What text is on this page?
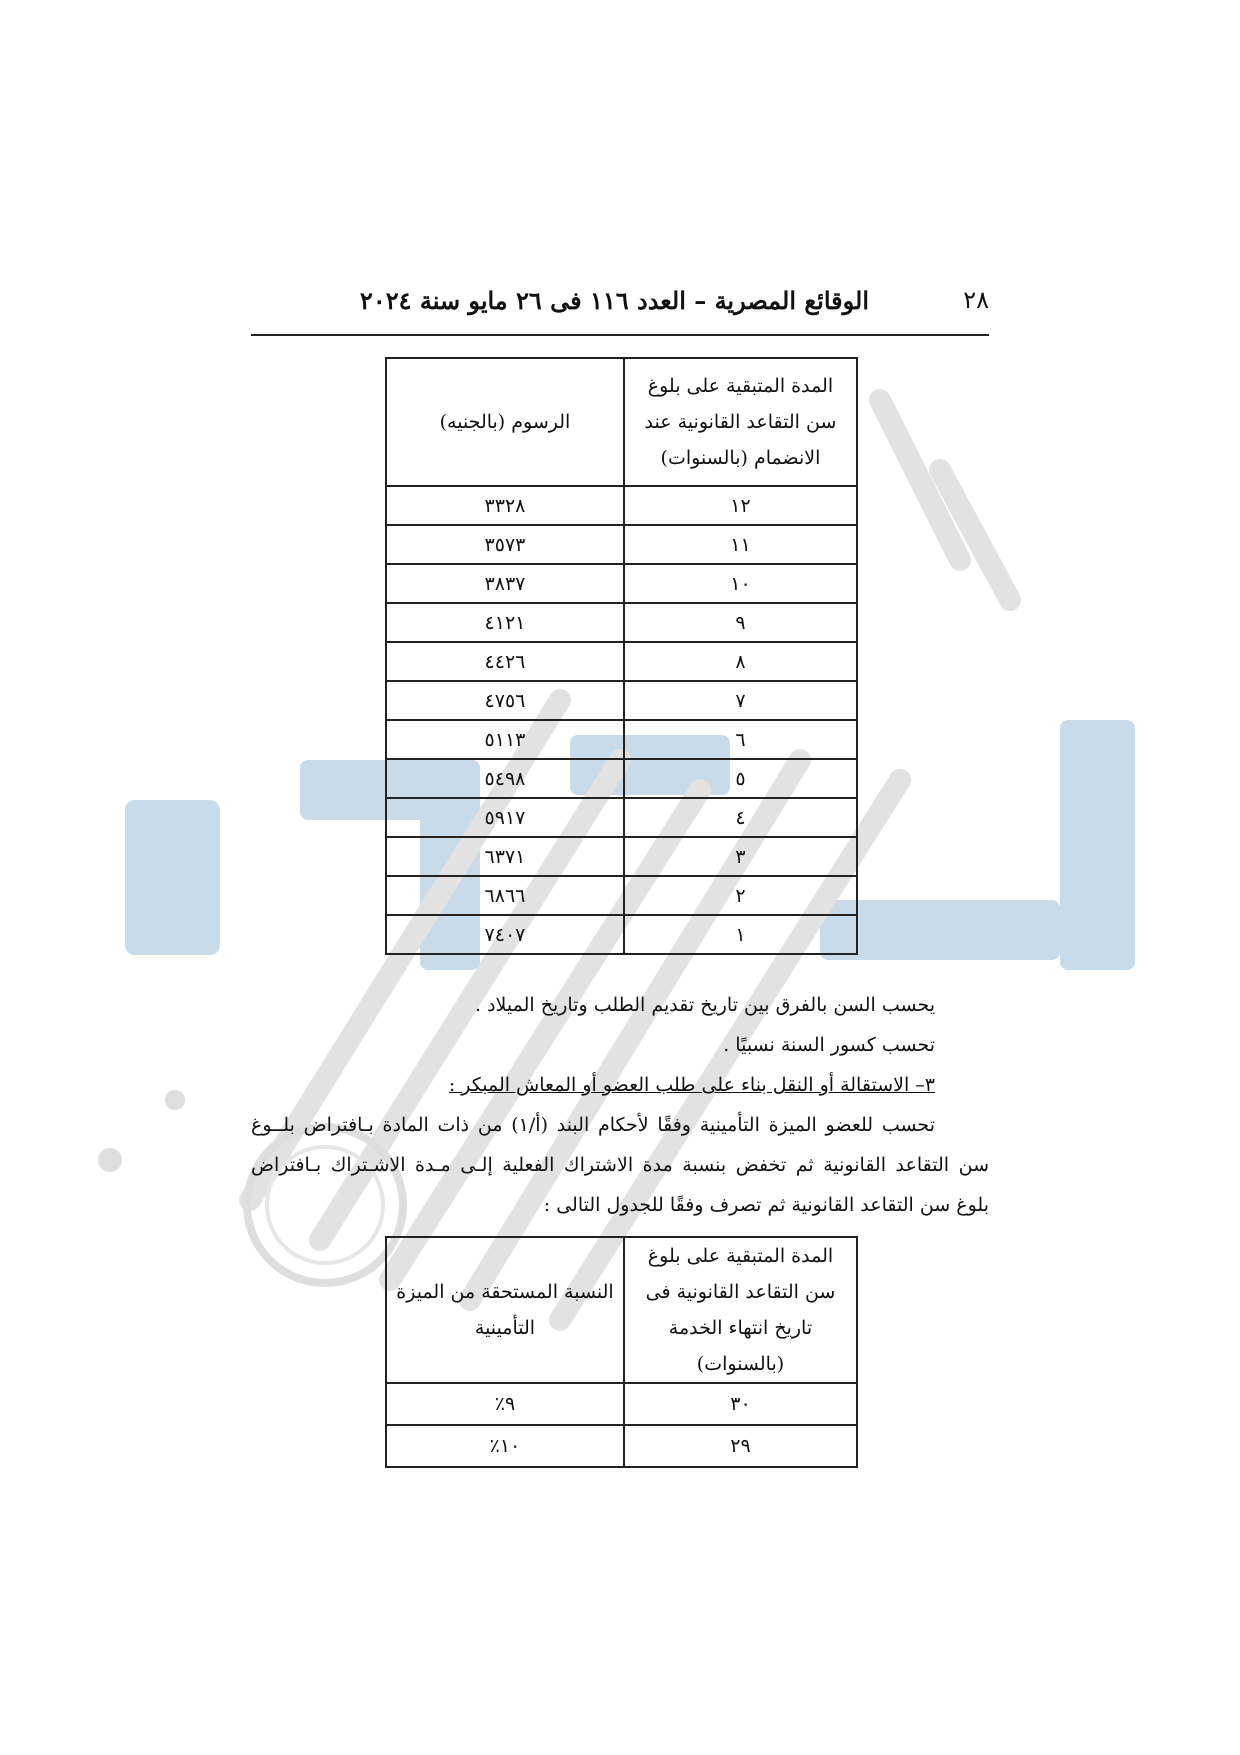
٢٨
الوقائع المصرية – العدد ١١٦ فى ٢٦ مايو سنة ٢٠٢٤
المدة المتبقية على بلوغ سن التقاعد القانونية عند الانضمام (بالسنوات)	الرسوم (بالجنيه)
١٢	٣٣٢٨
١١	٣٥٧٣
١٠	٣٨٣٧
٩	٤١٢١
٨	٤٤٢٦
٧	٤٧٥٦
٦	٥١١٣
٥	٥٤٩٨
٤	٥٩١٧
٣	٦٣٧١
٢	٦٨٦٦
١	٧٤٠٧
يحسب السن بالفرق بين تاريخ تقديم الطلب وتاريخ الميلاد .
تحسب كسور السنة نسبيًا .
٣– الاستقالة أو النقل بناء على طلب العضو أو المعاش المبكر :
تحسب للعضو الميزة التأمينية وفقًا لأحكام البند (أ/١) من ذات المادة بـافتراض بلــوغ
سن التقاعد القانونية ثم تخفض بنسبة مدة الاشتراك الفعلية إلـى مـدة الاشـتراك بـافتراض
بلوغ سن التقاعد القانونية ثم تصرف وفقًا للجدول التالى :
المدة المتبقية على بلوغ سن التقاعد القانونية فى تاريخ انتهاء الخدمة (بالسنوات)	النسبة المستحقة من الميزة التأمينية
٣٠	٩٪
٢٩	١٠٪
